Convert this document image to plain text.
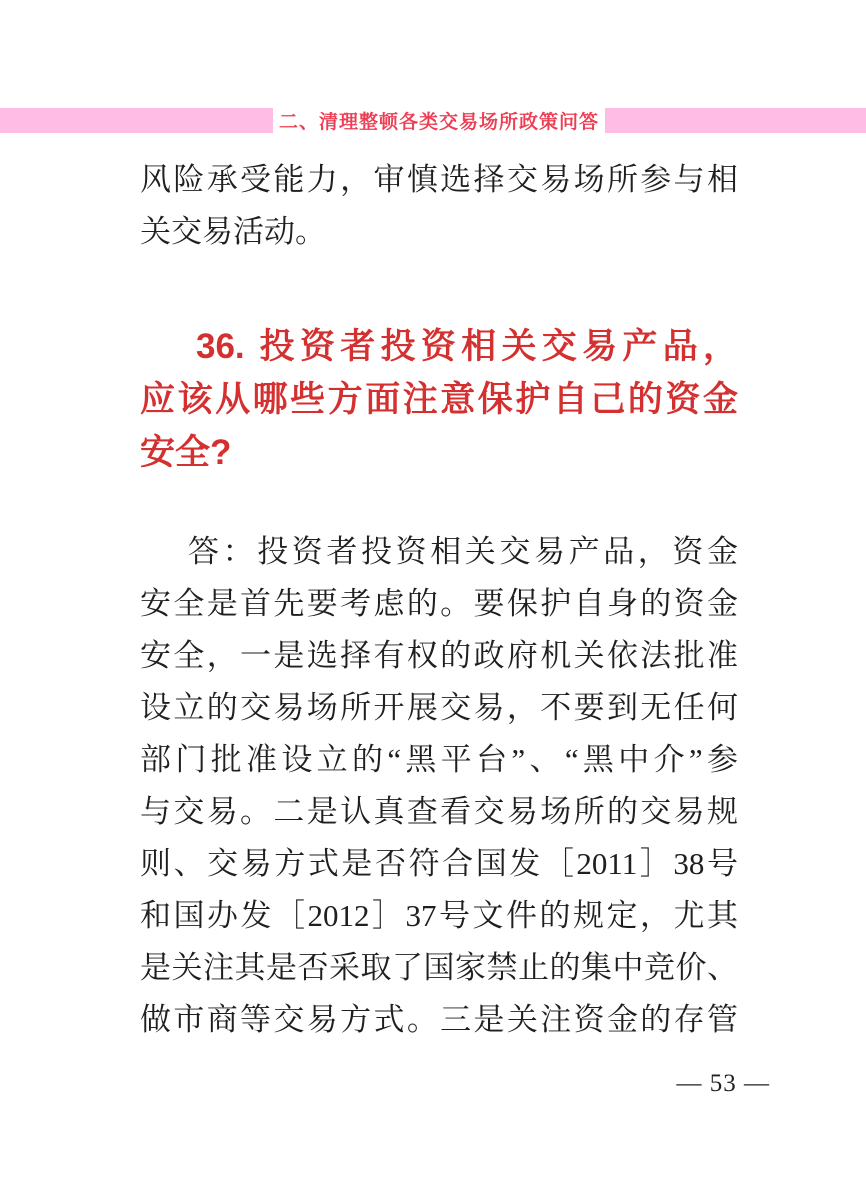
二、清理整顿各类交易场所政策问答
风险承受能力，审慎选择交易场所参与相
关交易活动。
36. 投资者投资相关交易产品，
应该从哪些方面注意保护自己的资金
安全?
答：投资者投资相关交易产品，资金
安全是首先要考虑的。要保护自身的资金
安全，一是选择有权的政府机关依法批准
设立的交易场所开展交易，不要到无任何
部门批准设立的“黑平台”、“黑中介”参
与交易。二是认真查看交易场所的交易规
则、交易方式是否符合国发［2011］38号
和国办发［2012］37号文件的规定，尤其
是关注其是否采取了国家禁止的集中竞价、
做市商等交易方式。三是关注资金的存管
— 53 —
